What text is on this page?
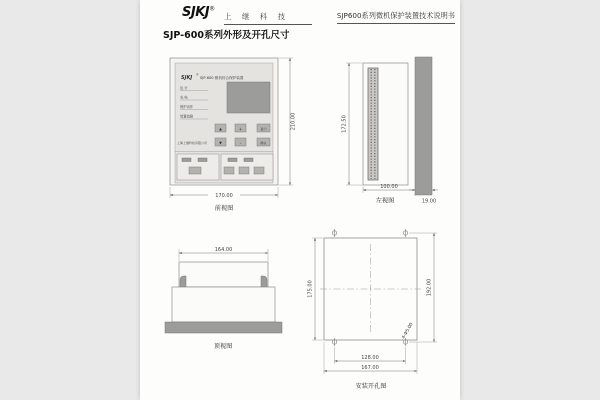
SJKJ®
上 继 科 技	SJP600系列微机保护装置技术说明书
SJP-600系列外形及开孔尺寸
SJKJ ®
SJP-600 微机综合保护装置
运 行
充 电
保护动作
装置故障
▲	+	复归
上海上继科技有限公司	▼	-	确认
210.00
170.00
前视图
172.50
100.00
19.00
左视图
164.00
顶视图
4-Φ5.00
175.00	192.00
128.00
167.00
安装开孔图
